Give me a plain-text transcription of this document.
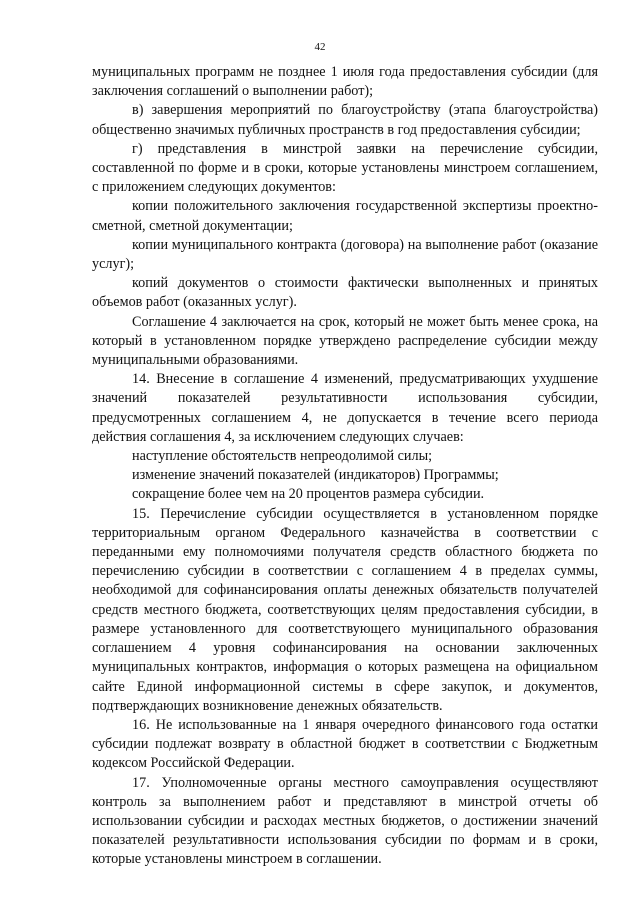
42

муниципальных программ не позднее 1 июля года предоставления субсидии (для заключения соглашений о выполнении работ);

в) завершения мероприятий по благоустройству (этапа благоустройства) общественно значимых публичных пространств в год предоставления субсидии;

г) представления в минстрой заявки на перечисление субсидии, составленной по форме и в сроки, которые установлены минстроем соглашением, с приложением следующих документов:

копии положительного заключения государственной экспертизы проектно-сметной, сметной документации;

копии муниципального контракта (договора) на выполнение работ (оказание услуг);

копий документов о стоимости фактически выполненных и принятых объемов работ (оказанных услуг).

Соглашение 4 заключается на срок, который не может быть менее срока, на который в установленном порядке утверждено распределение субсидии между муниципальными образованиями.

14. Внесение в соглашение 4 изменений, предусматривающих ухудшение значений показателей результативности использования субсидии, предусмотренных соглашением 4, не допускается в течение всего периода действия соглашения 4, за исключением следующих случаев:

наступление обстоятельств непреодолимой силы;

изменение значений показателей (индикаторов) Программы;

сокращение более чем на 20 процентов размера субсидии.

15. Перечисление субсидии осуществляется в установленном порядке территориальным органом Федерального казначейства в соответствии с переданными ему полномочиями получателя средств областного бюджета по перечислению субсидии в соответствии с соглашением 4 в пределах суммы, необходимой для софинансирования оплаты денежных обязательств получателей средств местного бюджета, соответствующих целям предоставления субсидии, в размере установленного для соответствующего муниципального образования соглашением 4 уровня софинансирования на основании заключенных муниципальных контрактов, информация о которых размещена на официальном сайте Единой информационной системы в сфере закупок, и документов, подтверждающих возникновение денежных обязательств.

16. Не использованные на 1 января очередного финансового года остатки субсидии подлежат возврату в областной бюджет в соответствии с Бюджетным кодексом Российской Федерации.

17. Уполномоченные органы местного самоуправления осуществляют контроль за выполнением работ и представляют в минстрой отчеты об использовании субсидии и расходах местных бюджетов, о достижении значений показателей результативности использования субсидии по формам и в сроки, которые установлены минстроем в соглашении.
